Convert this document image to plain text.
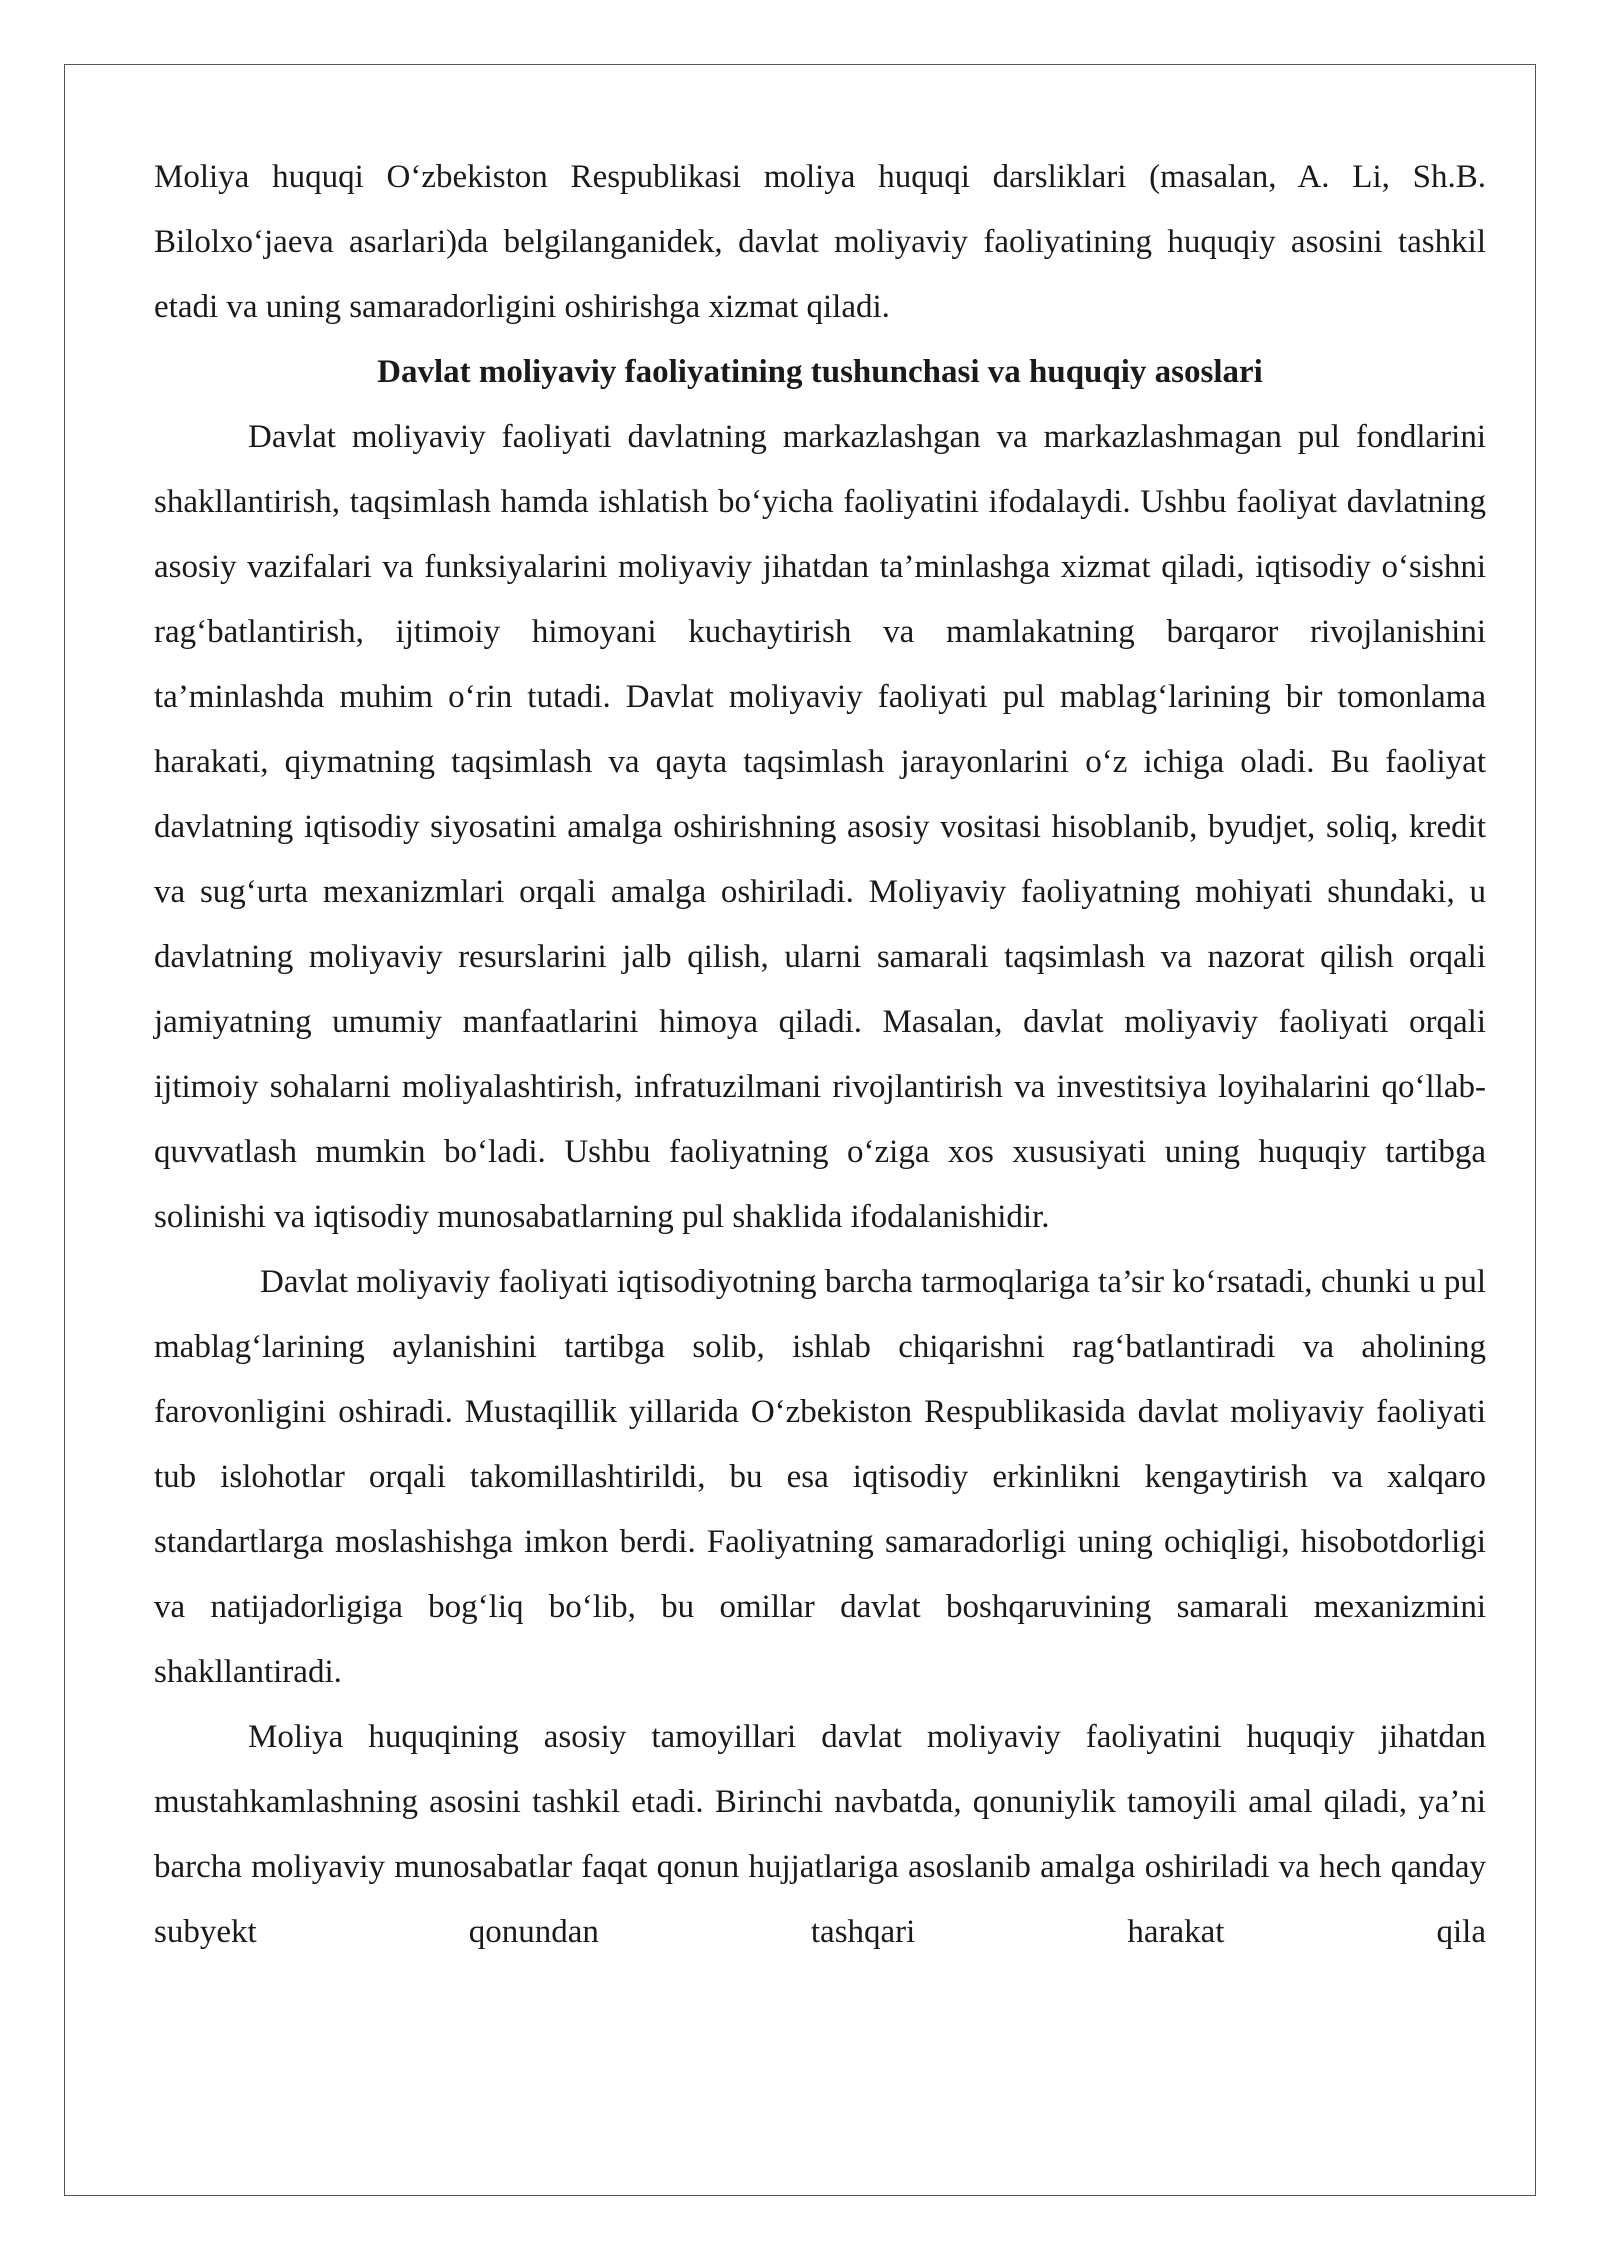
Moliya huquqi O‘zbekiston Respublikasi moliya huquqi darsliklari (masalan, A. Li, Sh.B. Bilolxo‘jaeva asarlari)da belgilanganidek, davlat moliyaviy faoliyatining huquqiy asosini tashkil etadi va uning samaradorligini oshirishga xizmat qiladi.

Davlat moliyaviy faoliyatining tushunchasi va huquqiy asoslari

Davlat moliyaviy faoliyati davlatning markazlashgan va markazlashmagan pul fondlarini shakllantirish, taqsimlash hamda ishlatish bo‘yicha faoliyatini ifodalaydi. Ushbu faoliyat davlatning asosiy vazifalari va funksiyalarini moliyaviy jihatdan ta’minlashga xizmat qiladi, iqtisodiy o‘sishni rag‘batlantirish, ijtimoiy himoyani kuchaytirish va mamlakatning barqaror rivojlanishini ta’minlashda muhim o‘rin tutadi. Davlat moliyaviy faoliyati pul mablag‘larining bir tomonlama harakati, qiymatning taqsimlash va qayta taqsimlash jarayonlarini o‘z ichiga oladi. Bu faoliyat davlatning iqtisodiy siyosatini amalga oshirishning asosiy vositasi hisoblanib, byudjet, soliq, kredit va sug‘urta mexanizmlari orqali amalga oshiriladi. Moliyaviy faoliyatning mohiyati shundaki, u davlatning moliyaviy resurslarini jalb qilish, ularni samarali taqsimlash va nazorat qilish orqali jamiyatning umumiy manfaatlarini himoya qiladi. Masalan, davlat moliyaviy faoliyati orqali ijtimoiy sohalarni moliyalashtirish, infratuzilmani rivojlantirish va investitsiya loyihalarini qo‘llab-quvvatlash mumkin bo‘ladi. Ushbu faoliyatning o‘ziga xos xususiyati uning huquqiy tartibga solinishi va iqtisodiy munosabatlarning pul shaklida ifodalanishidir.

Davlat moliyaviy faoliyati iqtisodiyotning barcha tarmoqlariga ta’sir ko‘rsatadi, chunki u pul mablag‘larining aylanishini tartibga solib, ishlab chiqarishni rag‘batlantiradi va aholining farovonligini oshiradi. Mustaqillik yillarida O‘zbekiston Respublikasida davlat moliyaviy faoliyati tub islohotlar orqali takomillashtirildi, bu esa iqtisodiy erkinlikni kengaytirish va xalqaro standartlarga moslashishga imkon berdi. Faoliyatning samaradorligi uning ochiqligi, hisobotdorligi va natijadorligiga bog‘liq bo‘lib, bu omillar davlat boshqaruvining samarali mexanizmini shakllantiradi.

Moliya huquqining asosiy tamoyillari davlat moliyaviy faoliyatini huquqiy jihatdan mustahkamlashning asosini tashkil etadi. Birinchi navbatda, qonuniylik tamoyili amal qiladi, ya’ni barcha moliyaviy munosabatlar faqat qonun hujjatlariga asoslanib amalga oshiriladi va hech qanday subyekt qonundan tashqari harakat qila
